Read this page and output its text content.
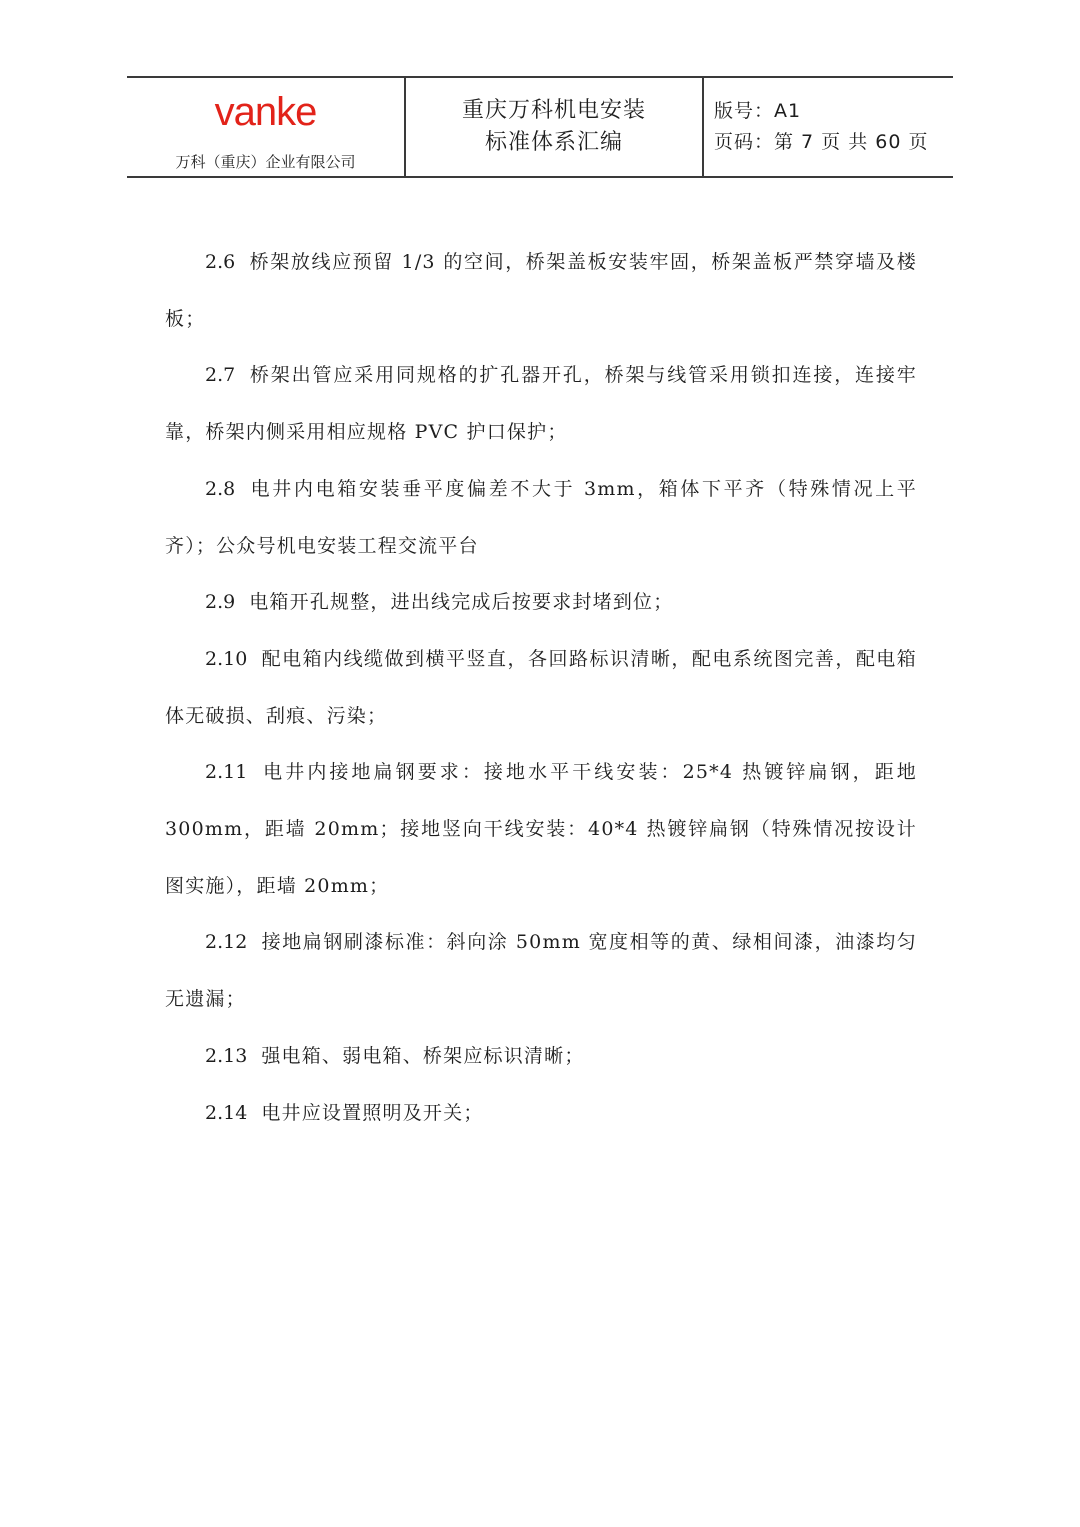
vanke
万科（重庆）企业有限公司
重庆万科机电安装
标准体系汇编
版号：A1
页码：第 7 页 共 60 页

2.6 桥架放线应预留 1/3 的空间，桥架盖板安装牢固，桥架盖板严禁穿墙及楼板；

2.7 桥架出管应采用同规格的扩孔器开孔，桥架与线管采用锁扣连接，连接牢靠，桥架内侧采用相应规格 PVC 护口保护；

2.8 电井内电箱安装垂平度偏差不大于 3mm，箱体下平齐（特殊情况上平齐）；公众号机电安装工程交流平台

2.9 电箱开孔规整，进出线完成后按要求封堵到位；

2.10 配电箱内线缆做到横平竖直，各回路标识清晰，配电系统图完善，配电箱体无破损、刮痕、污染；

2.11 电井内接地扁钢要求：接地水平干线安装：25*4 热镀锌扁钢，距地 300mm，距墙 20mm；接地竖向干线安装：40*4 热镀锌扁钢（特殊情况按设计图实施），距墙 20mm；

2.12 接地扁钢刷漆标准：斜向涂 50mm 宽度相等的黄、绿相间漆，油漆均匀无遗漏；

2.13 强电箱、弱电箱、桥架应标识清晰；

2.14 电井应设置照明及开关；
